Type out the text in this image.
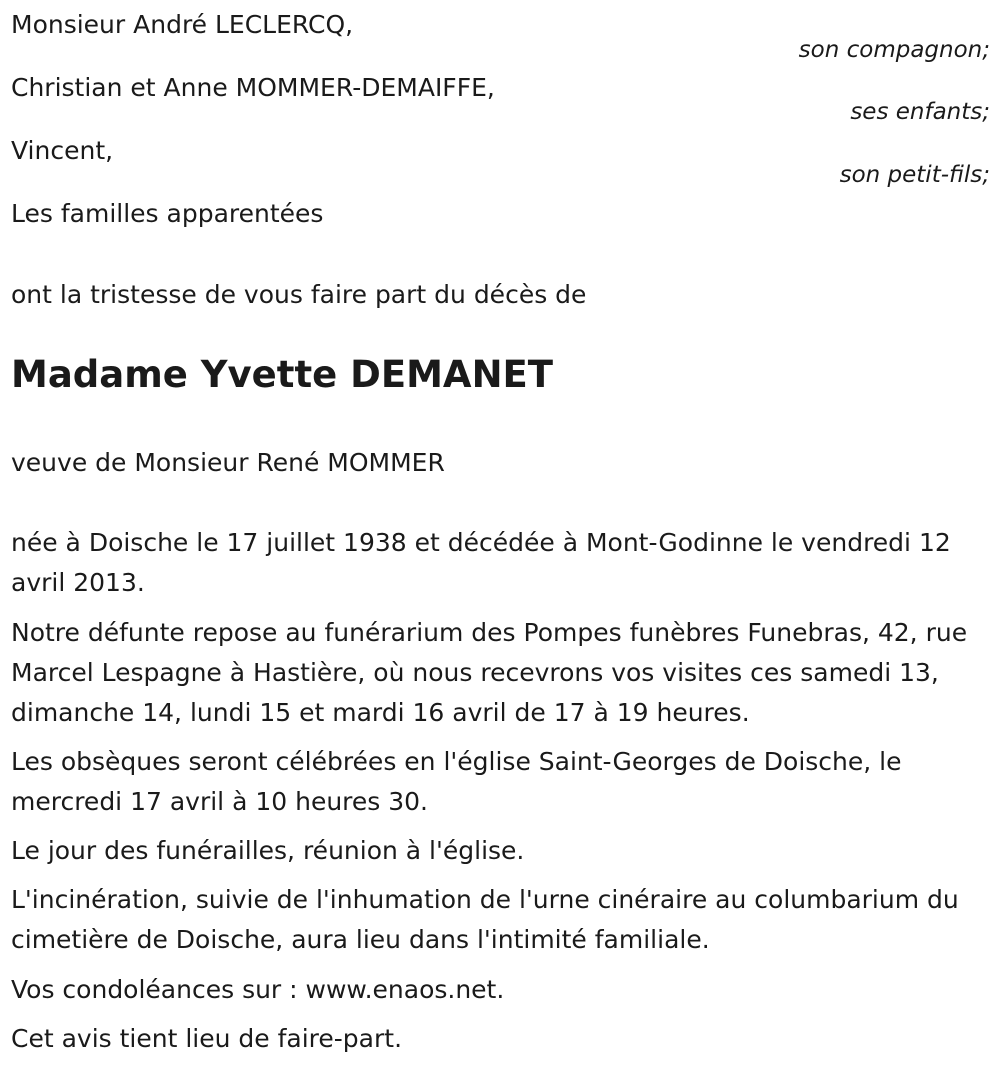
Monsieur André LECLERCQ,
son compagnon;
Christian et Anne MOMMER-DEMAIFFE,
ses enfants;
Vincent,
son petit-fils;
Les familles apparentées
ont la tristesse de vous faire part du décès de
Madame Yvette DEMANET
veuve de Monsieur René MOMMER
née à Doische le 17 juillet 1938 et décédée à Mont-Godinne le vendredi 12 avril 2013.
Notre défunte repose au funérarium des Pompes funèbres Funebras, 42, rue Marcel Lespagne à Hastière, où nous recevrons vos visites ces samedi 13, dimanche 14, lundi 15 et mardi 16 avril de 17 à 19 heures.
Les obsèques seront célébrées en l'église Saint-Georges de Doische, le mercredi 17 avril à 10 heures 30.
Le jour des funérailles, réunion à l'église.
L'incinération, suivie de l'inhumation de l'urne cinéraire au columbarium du cimetière de Doische, aura lieu dans l'intimité familiale.
Vos condoléances sur : www.enaos.net.
Cet avis tient lieu de faire-part.
